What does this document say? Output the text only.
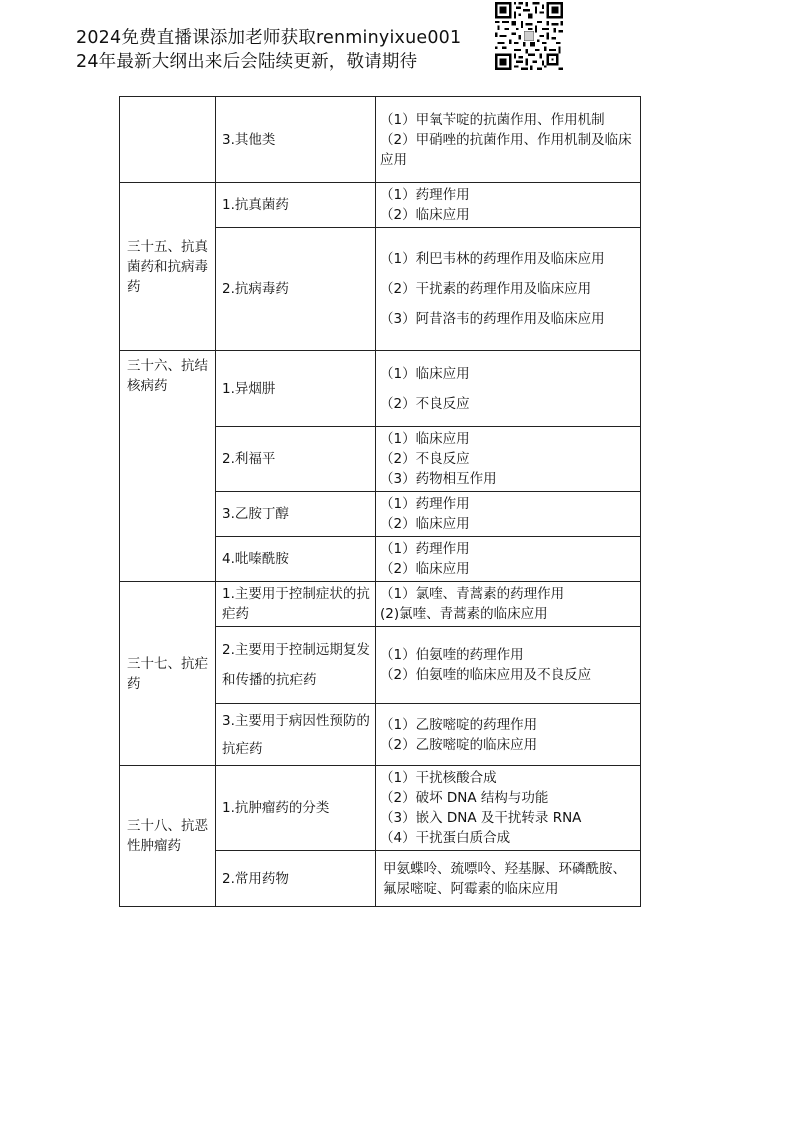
2024免费直播课添加老师获取renminyixue001
24年最新大纲出来后会陆续更新，敬请期待
	3.其他类	（1）甲氧苄啶的抗菌作用、作用机制
（2）甲硝唑的抗菌作用、作用机制及临床应用

三十五、抗真菌药和抗病毒药	1.抗真菌药	（1）药理作用
（2）临床应用

	2.抗病毒药	（1）利巴韦林的药理作用及临床应用
（2）干扰素的药理作用及临床应用
（3）阿昔洛韦的药理作用及临床应用

三十六、抗结核病药	1.异烟肼	（1）临床应用
（2）不良反应

	2.利福平	（1）临床应用
（2）不良反应
（3）药物相互作用

	3.乙胺丁醇	（1）药理作用
（2）临床应用

	4.吡嗪酰胺	（1）药理作用
（2）临床应用

三十七、抗疟药	1.主要用于控制症状的抗疟药	（1）氯喹、青蒿素的药理作用
(2)氯喹、青蒿素的临床应用

	2.主要用于控制远期复发和传播的抗疟药	（1）伯氨喹的药理作用
（2）伯氨喹的临床应用及不良反应

	3.主要用于病因性预防的抗疟药	（1）乙胺嘧啶的药理作用
（2）乙胺嘧啶的临床应用

三十八、抗恶性肿瘤药	1.抗肿瘤药的分类	（1）干扰核酸合成
（2）破坏 DNA 结构与功能
（3）嵌入 DNA 及干扰转录 RNA
（4）干扰蛋白质合成

	2.常用药物	甲氨蝶呤、巯嘌呤、羟基脲、环磷酰胺、氟尿嘧啶、阿霉素的临床应用
